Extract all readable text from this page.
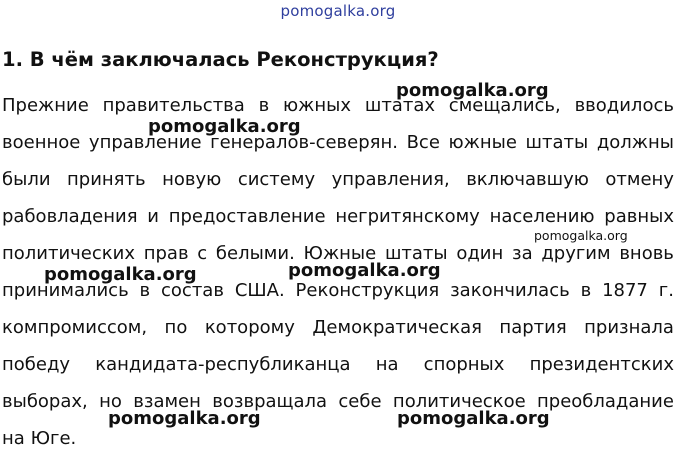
pomogalka.org
1. В чём заключалась Реконструкция?
Прежние правительства в южных штатах смещались, вводилось
военное управление генералов-северян. Все южные штаты должны
были принять новую систему управления, включавшую отмену
рабовладения и предоставление негритянскому населению равных
политических прав с белыми. Южные штаты один за другим вновь
принимались в состав США. Реконструкция закончилась в 1877 г.
компромиссом, по которому Демократическая партия признала
победу кандидата-республиканца на спорных президентских
выборах, но взамен возвращала себе политическое преобладание
на Юге.
pomogalka.org
pomogalka.org
pomogalka.org
pomogalka.org
pomogalka.org
pomogalka.org	pomogalka.org
